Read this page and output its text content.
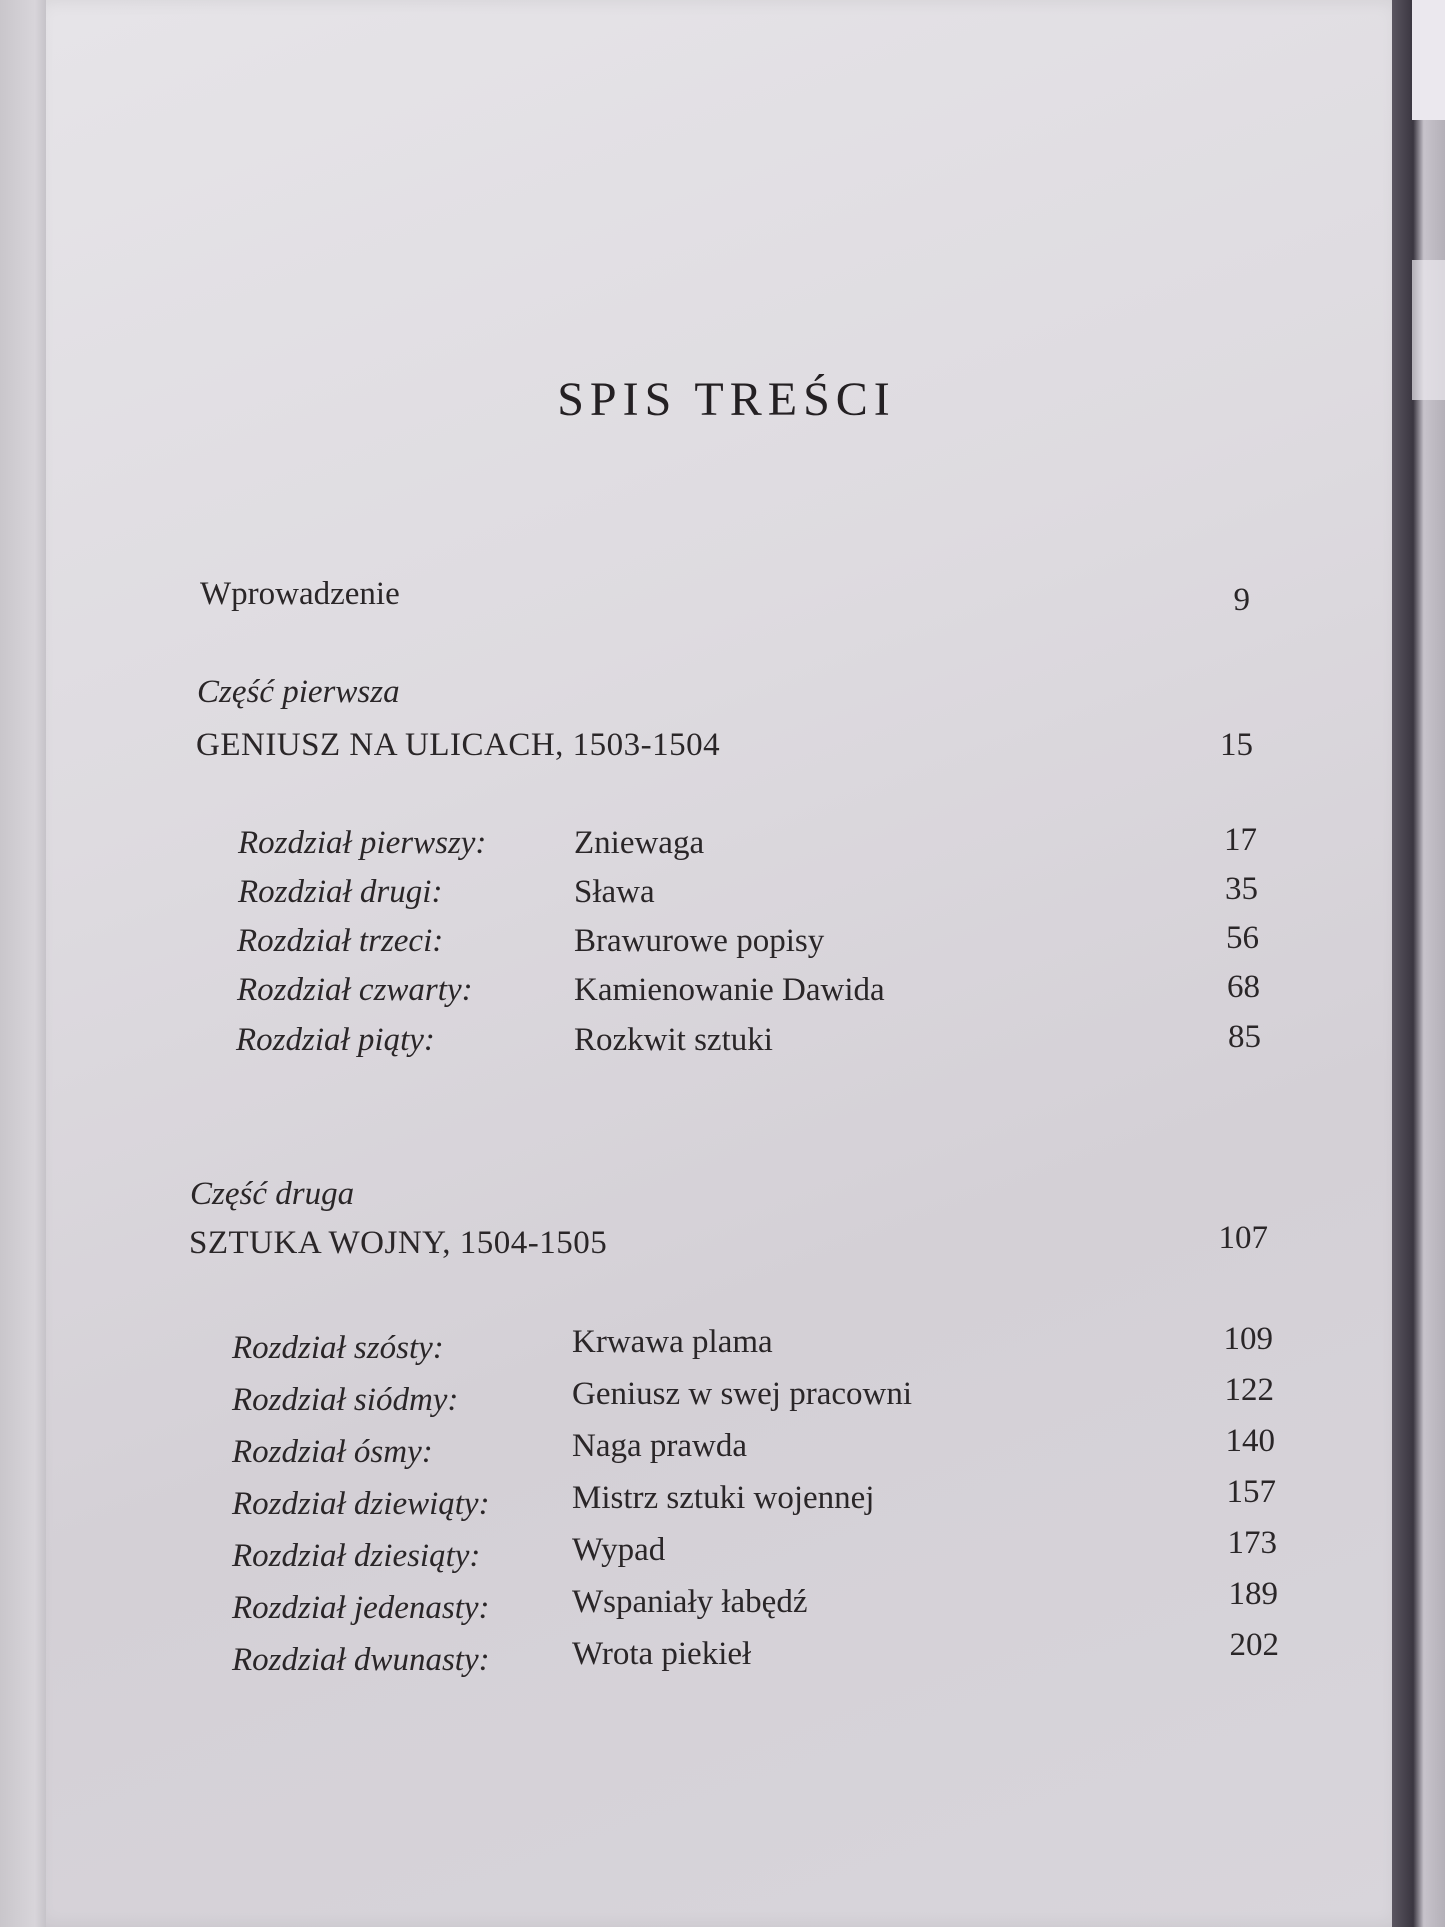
SPIS TREŚCI
Wprowadzenie	9
Część pierwsza
GENIUSZ NA ULICACH, 1503-1504	15
Rozdział pierwszy:	Zniewaga	17
Rozdział drugi:	Sława	35
Rozdział trzeci:	Brawurowe popisy	56
Rozdział czwarty:	Kamienowanie Dawida	68
Rozdział piąty:	Rozkwit sztuki	85
Część druga
SZTUKA WOJNY, 1504-1505	107
Rozdział szósty:	Krwawa plama	109
Rozdział siódmy:	Geniusz w swej pracowni	122
Rozdział ósmy:	Naga prawda	140
Rozdział dziewiąty: Mistrz sztuki wojennej	157
Rozdział dziesiąty:	Wypad	173
Rozdział jedenasty: Wspaniały łabędź	189
Rozdział dwunasty: Wrota piekieł	202
